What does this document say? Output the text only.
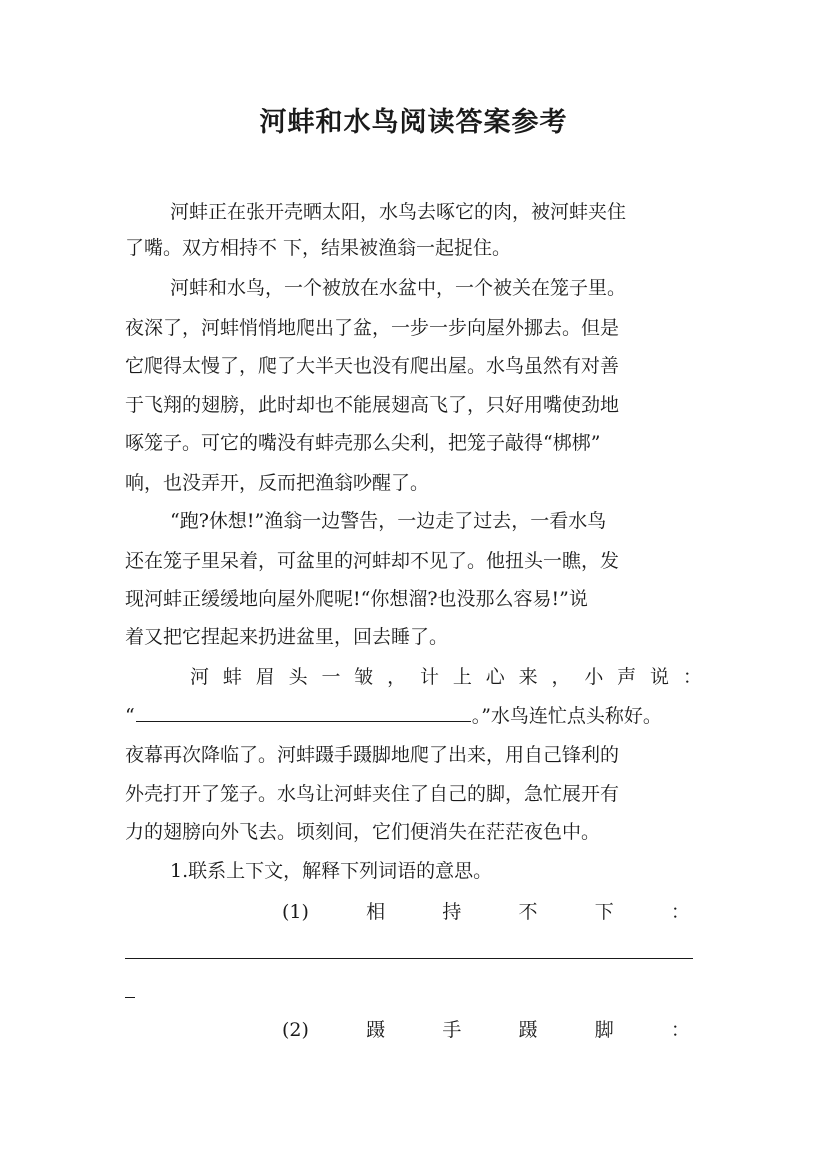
河蚌和水鸟阅读答案参考
河蚌正在张开壳晒太阳，水鸟去啄它的肉，被河蚌夹住
了嘴。双方相持不 下，结果被渔翁一起捉住。
河蚌和水鸟，一个被放在水盆中，一个被关在笼子里。
夜深了，河蚌悄悄地爬出了盆，一步一步向屋外挪去。但是
它爬得太慢了，爬了大半天也没有爬出屋。水鸟虽然有对善
于飞翔的翅膀，此时却也不能展翅高飞了，只好用嘴使劲地
啄笼子。可它的嘴没有蚌壳那么尖利，把笼子敲得“梆梆”
响，也没弄开，反而把渔翁吵醒了。
“跑?休想!”渔翁一边警告，一边走了过去，一看水鸟
还在笼子里呆着，可盆里的河蚌却不见了。他扭头一瞧，发
现河蚌正缓缓地向屋外爬呢!“你想溜?也没那么容易!”说
着又把它捏起来扔进盆里，回去睡了。
河 蚌 眉 头 一 皱 ， 计 上 心 来 ， 小 声 说 ：
“	。”水鸟连忙点头称好。
夜幕再次降临了。河蚌蹑手蹑脚地爬了出来，用自己锋利的
外壳打开了笼子。水鸟让河蚌夹住了自己的脚，急忙展开有
力的翅膀向外飞去。顷刻间，它们便消失在茫茫夜色中。
1.联系上下文，解释下列词语的意思。
(1)	相	持	不	下	：
(2)	蹑	手	蹑	脚	：
